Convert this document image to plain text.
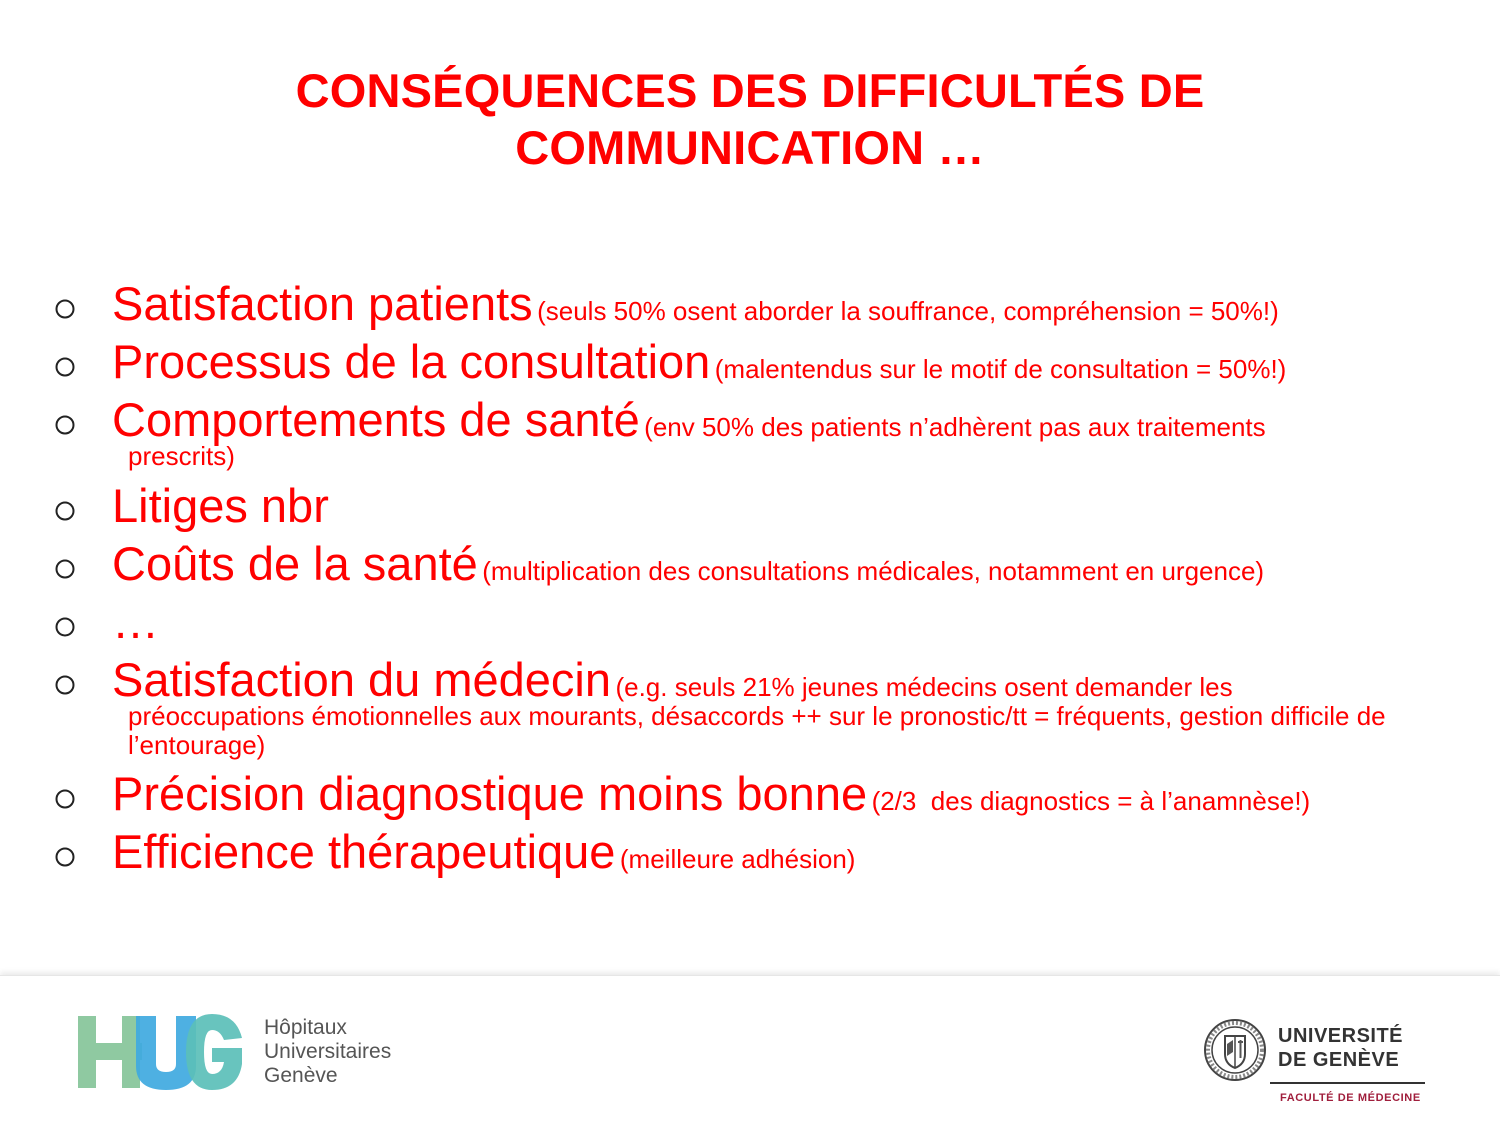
CONSÉQUENCES DES DIFFICULTÉS DE
COMMUNICATION …
Satisfaction patients (seuls 50% osent aborder la souffrance, compréhension = 50%!)
Processus de la consultation (malentendus sur le motif de consultation = 50%!)
Comportements de santé (env 50% des patients n’adhèrent pas aux traitements
prescrits)
Litiges nbr
Coûts de la santé (multiplication des consultations médicales, notamment en urgence)
…
Satisfaction du médecin (e.g. seuls 21% jeunes médecins osent demander les
préoccupations émotionnelles aux mourants, désaccords ++ sur le pronostic/tt = fréquents, gestion difficile de l’entourage)
Précision diagnostique moins bonne (2/3  des diagnostics = à l’anamnèse!)
Efficience thérapeutique (meilleure adhésion)
Hôpitaux
Universitaires
Genève
UNIVERSITÉ
DE GENÈVE
FACULTÉ DE MÉDECINE
